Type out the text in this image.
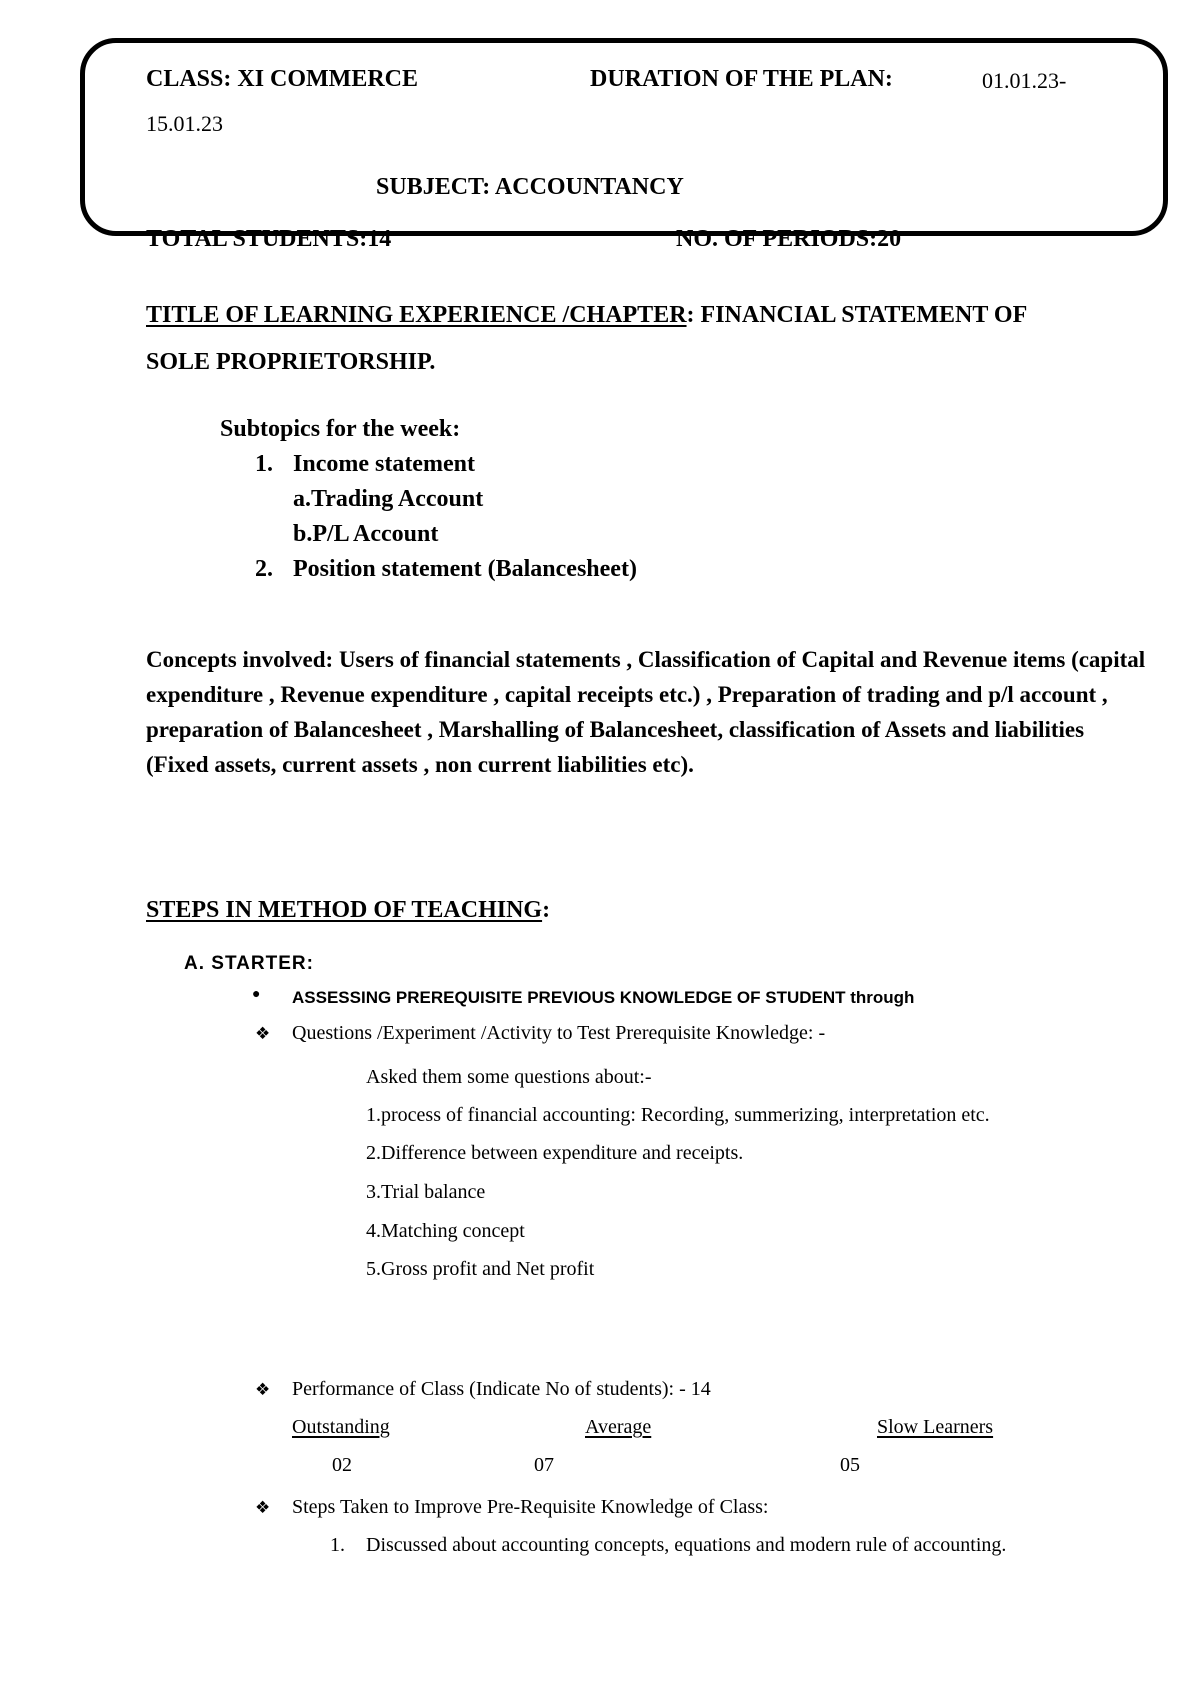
CLASS: XI COMMERCE	DURATION OF THE PLAN:	01.01.23-
15.01.23
SUBJECT: ACCOUNTANCY
TOTAL STUDENTS:14	NO. OF PERIODS:20
TITLE OF LEARNING EXPERIENCE /CHAPTER: FINANCIAL STATEMENT OF
SOLE PROPRIETORSHIP.
Subtopics for the week:
1. Income statement
a.Trading Account
b.P/L Account
2. Position statement (Balancesheet)
Concepts involved: Users of financial statements , Classification of Capital and Revenue items (capital expenditure , Revenue expenditure , capital receipts etc.) , Preparation of trading and p/l account , preparation of Balancesheet , Marshalling of Balancesheet, classification of Assets and liabilities (Fixed assets, current assets , non current liabilities etc).
STEPS IN METHOD OF TEACHING:
A. STARTER:
● ASSESSING PREREQUISITE PREVIOUS KNOWLEDGE OF STUDENT through
❖ Questions /Experiment /Activity to Test Prerequisite Knowledge: -
Asked them some questions about:-
1.process of financial accounting: Recording, summerizing, interpretation etc.
2.Difference between expenditure and receipts.
3.Trial balance
4.Matching concept
5.Gross profit and Net profit
❖ Performance of Class (Indicate No of students): - 14
Outstanding	Average	Slow Learners
02	07	05
❖ Steps Taken to Improve Pre-Requisite Knowledge of Class:
1. Discussed about accounting concepts, equations and modern rule of accounting.
